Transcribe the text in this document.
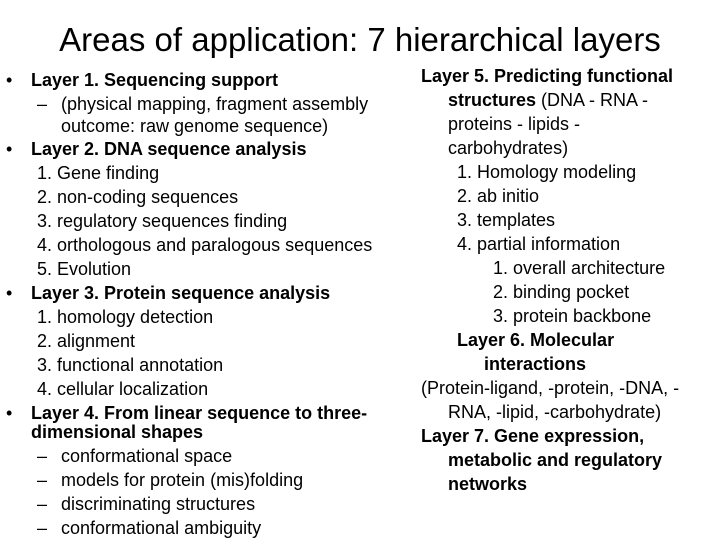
Areas of application: 7 hierarchical layers
• Layer 1. Sequencing support
– (physical mapping, fragment assembly
outcome: raw genome sequence)
• Layer 2. DNA sequence analysis
1. Gene finding
2. non-coding sequences
3. regulatory sequences finding
4. orthologous and paralogous sequences
5. Evolution
• Layer 3. Protein sequence analysis
1. homology detection
2. alignment
3. functional annotation
4. cellular localization
• Layer 4. From linear sequence to three-
dimensional shapes
– conformational space
– models for protein (mis)folding
– discriminating structures
– conformational ambiguity
Layer 5. Predicting functional
structures (DNA - RNA -
proteins - lipids -
carbohydrates)
1. Homology modeling
2. ab initio
3. templates
4. partial information
1. overall architecture
2. binding pocket
3. protein backbone
Layer 6. Molecular
interactions
(Protein-ligand, -protein, -DNA, -
RNA, -lipid, -carbohydrate)
Layer 7. Gene expression,
metabolic and regulatory
networks
